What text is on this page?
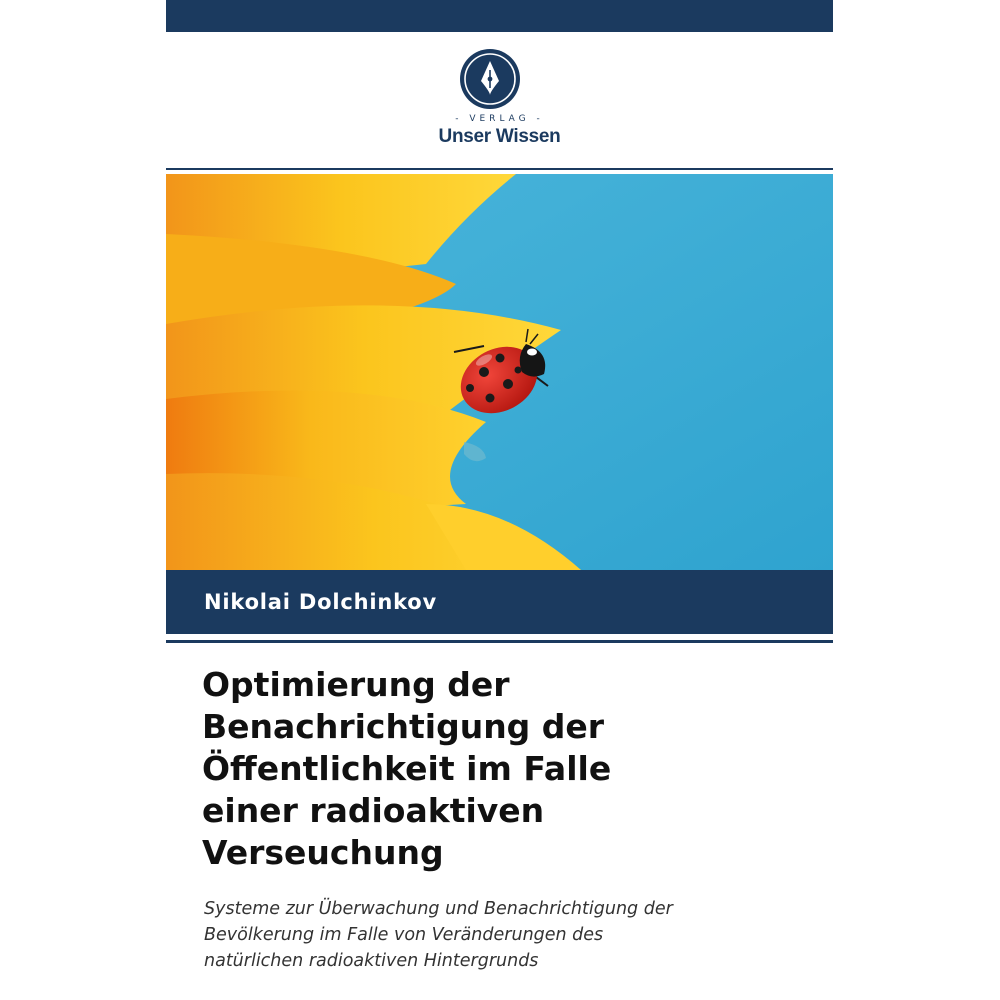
- VERLAG -
Unser Wissen
Nikolai Dolchinkov
Optimierung der
Benachrichtigung der
Öffentlichkeit im Falle
einer radioaktiven
Verseuchung

Systeme zur Überwachung und Benachrichtigung der
Bevölkerung im Falle von Veränderungen des
natürlichen radioaktiven Hintergrunds
